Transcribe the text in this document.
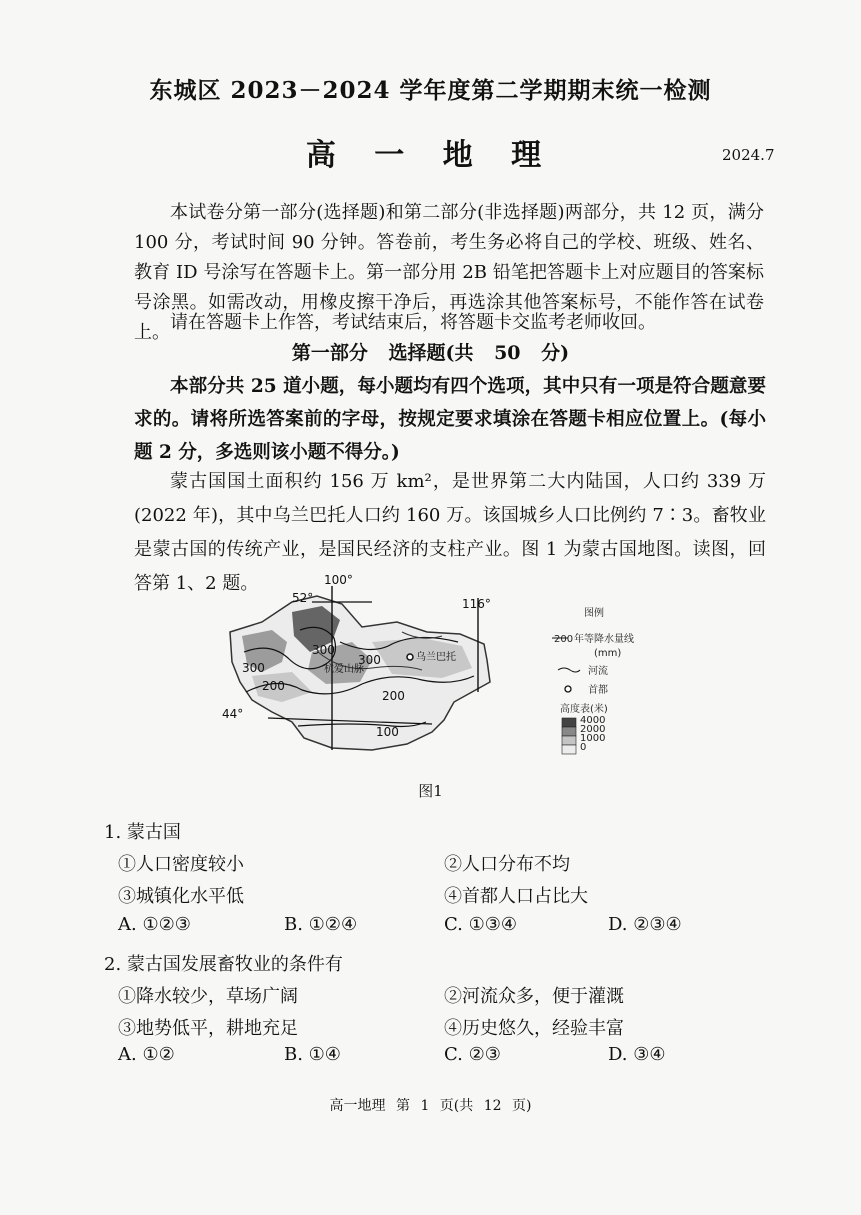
东城区 2023－2024 学年度第二学期期末统一检测
高 一 地 理	2024.7
本试卷分第一部分(选择题)和第二部分(非选择题)两部分，共 12 页，满分 100 分，考试时间 90 分钟。答卷前，考生务必将自己的学校、班级、姓名、教育 ID 号涂写在答题卡上。第一部分用 2B 铅笔把答题卡上对应题目的答案标号涂黑。如需改动，用橡皮擦干净后，再选涂其他答案标号，不能作答在试卷上。 请在答题卡上作答，考试结束后，将答题卡交监考老师收回。
第一部分 选择题(共 50 分)
本部分共 25 道小题，每小题均有四个选项，其中只有一项是符合题意要求的。请将所选答案前的字母，按规定要求填涂在答题卡相应位置上。(每小题 2 分，多选则该小题不得分。)
蒙古国国土面积约 156 万 km²，是世界第二大内陆国，人口约 339 万(2022 年)，其中乌兰巴托人口约 160 万。该国城乡人口比例约 7∶3。畜牧业是蒙古国的传统产业，是国民经济的支柱产业。图 1 为蒙古国地图。读图，回答第 1、2 题。	100°
52°	116°
44°
300
300
300
200
200
100
杭爱山脉
乌兰巴托
图例
200 年等降水量线
(mm)
河流
首都
高度表(米)
4000
2000
1000
0
图1
1. 蒙古国
①人口密度较小	②人口分布不均
③城镇化水平低	④首都人口占比大
A. ①②③	B. ①②④	C. ①③④	D. ②③④
2. 蒙古国发展畜牧业的条件有
①降水较少，草场广阔	②河流众多，便于灌溉
③地势低平，耕地充足	④历史悠久，经验丰富
A. ①②	B. ①④	C. ②③	D. ③④
高一地理 第 1 页(共 12 页)
